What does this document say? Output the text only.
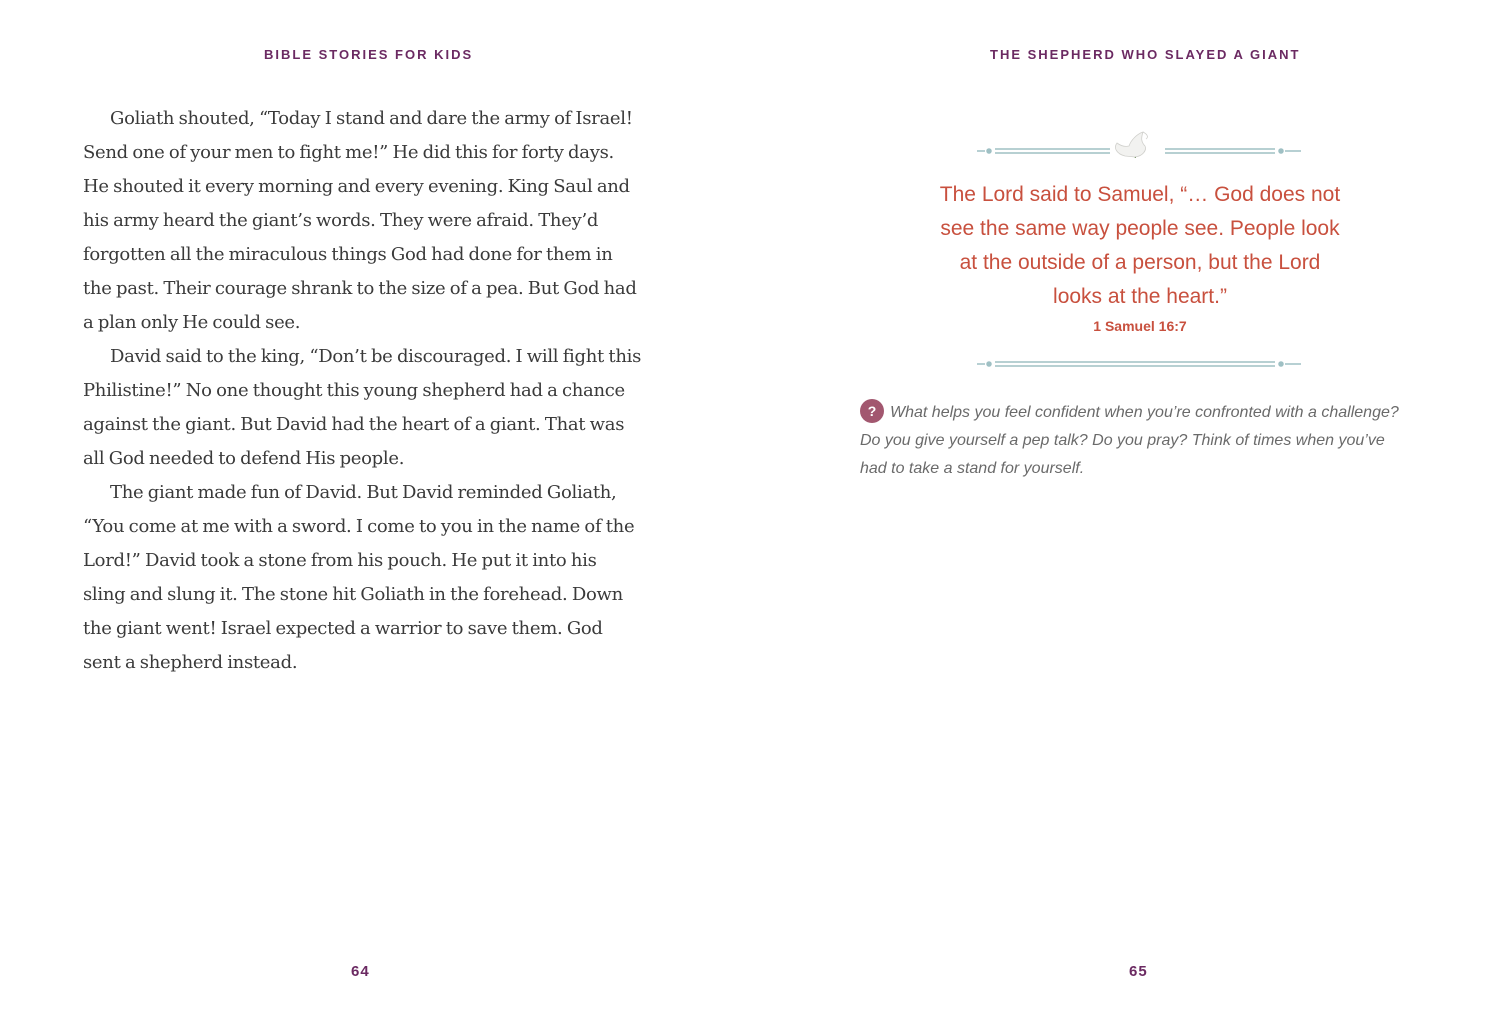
BIBLE STORIES FOR KIDS

Goliath shouted, “Today I stand and dare the army of Israel! Send one of your men to fight me!” He did this for forty days. He shouted it every morning and every evening. King Saul and his army heard the giant’s words. They were afraid. They’d forgotten all the miraculous things God had done for them in the past. Their courage shrank to the size of a pea. But God had a plan only He could see.

David said to the king, “Don’t be discouraged. I will fight this Philistine!” No one thought this young shepherd had a chance against the giant. But David had the heart of a giant. That was all God needed to defend His people.

The giant made fun of David. But David reminded Goliath, “You come at me with a sword. I come to you in the name of the Lord!” David took a stone from his pouch. He put it into his sling and slung it. The stone hit Goliath in the forehead. Down the giant went! Israel expected a warrior to save them. God sent a shepherd instead.

64
THE SHEPHERD WHO SLAYED A GIANT

The Lord said to Samuel, “… God does not

see the same way people see. People look

at the outside of a person, but the Lord

looks at the heart.”

1 Samuel 16:7
? What helps you feel confident when you’re confronted with a challenge? Do you give yourself a pep talk? Do you pray? Think of times when you’ve had to take a stand for yourself.
65
